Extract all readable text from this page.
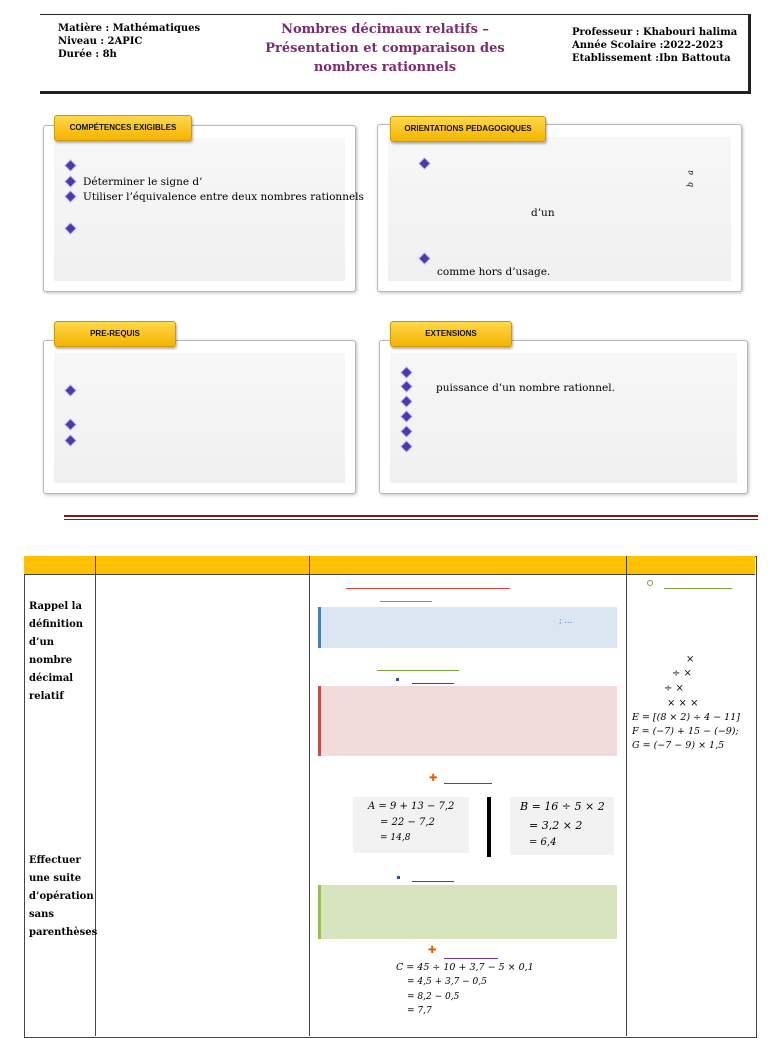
Matière : Mathématiques
Niveau : 2APIC
Durée : 8h
Nombres décimaux relatifs –
Présentation et comparaison des
nombres rationnels
Professeur : Khabouri halima
Année Scolaire :2022-2023
Etablissement :Ibn Battouta
COMPÉTENCES EXIGIBLES
Déterminer le signe d’
Utiliser l’équivalence entre deux nombres rationnels
ORIENTATIONS PEDAGOGIQUES
a
b
d’un
comme hors d’usage.
PRE-REQUIS	EXTENSIONS
puissance d’un nombre rationnel.
Rappel la
définition
d’un
nombre
décimal
relatif
Effectuer
une suite
d’opération
sans
parenthèses
; …
✚
A = 9 + 13 − 7,2
= 22 − 7,2
= 14,8
B = 16 ÷ 5 × 2
= 3,2 × 2
= 6,4
✚
C = 45 ÷ 10 + 3,7 − 5 × 0,1
= 4,5 + 3,7 − 0,5
= 8,2 − 0,5
= 7,7
×
÷ ×
÷ ×
× × ×
E = [(8 × 2) ÷ 4 − 11]
F = (−7) + 15 − (−9);
G = (−7 − 9) × 1,5
